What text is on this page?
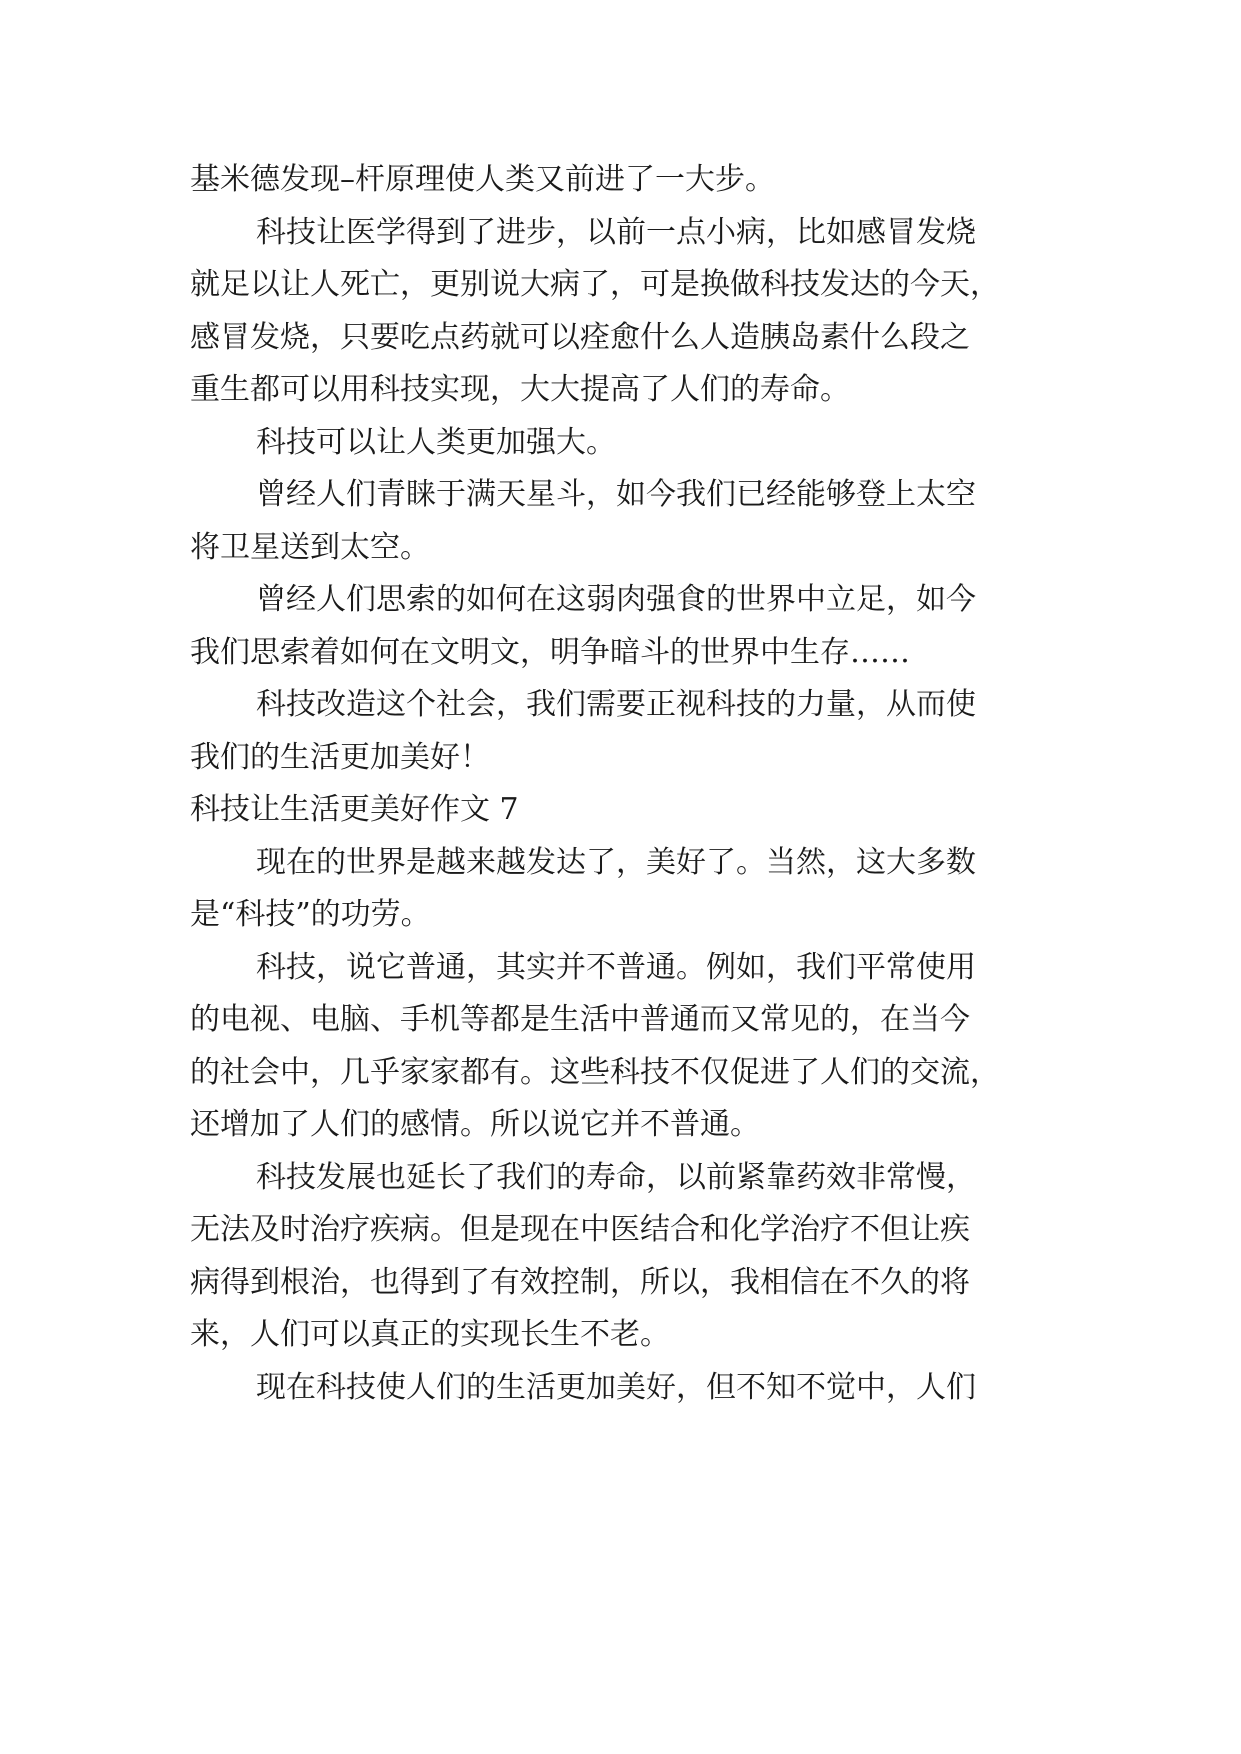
基米德发现–杆原理使人类又前进了一大步。
科技让医学得到了进步，以前一点小病，比如感冒发烧
就足以让人死亡，更别说大病了，可是换做科技发达的今天，
感冒发烧，只要吃点药就可以痊愈什么人造胰岛素什么段之
重生都可以用科技实现，大大提高了人们的寿命。
科技可以让人类更加强大。
曾经人们青睐于满天星斗，如今我们已经能够登上太空
将卫星送到太空。
曾经人们思索的如何在这弱肉强食的世界中立足，如今
我们思索着如何在文明文，明争暗斗的世界中生存……
科技改造这个社会，我们需要正视科技的力量，从而使
我们的生活更加美好！
科技让生活更美好作文 7
现在的世界是越来越发达了，美好了。当然，这大多数
是“科技”的功劳。
科技，说它普通，其实并不普通。例如，我们平常使用
的电视、电脑、手机等都是生活中普通而又常见的，在当今
的社会中，几乎家家都有。这些科技不仅促进了人们的交流，
还增加了人们的感情。所以说它并不普通。
科技发展也延长了我们的寿命，以前紧靠药效非常慢，
无法及时治疗疾病。但是现在中医结合和化学治疗不但让疾
病得到根治，也得到了有效控制，所以，我相信在不久的将
来，人们可以真正的实现长生不老。
现在科技使人们的生活更加美好，但不知不觉中，人们
